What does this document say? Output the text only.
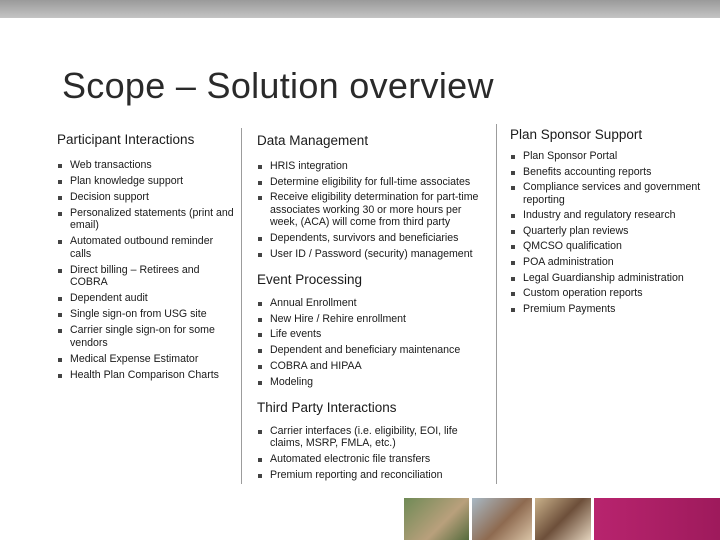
Scope – Solution overview
Participant Interactions
Web transactions
Plan knowledge support
Decision support
Personalized statements (print and email)
Automated outbound reminder calls
Direct billing – Retirees and COBRA
Dependent audit
Single sign-on from USG site
Carrier single sign-on for some vendors
Medical Expense Estimator
Health Plan Comparison Charts
Data Management
HRIS integration
Determine eligibility for full-time associates
Receive eligibility determination for part-time associates working 30 or more hours per week, (ACA) will come from third party
Dependents, survivors and beneficiaries
User ID / Password (security) management
Event Processing
Annual Enrollment
New Hire / Rehire enrollment
Life events
Dependent and beneficiary maintenance
COBRA and HIPAA
Modeling
Third Party Interactions
Carrier interfaces (i.e. eligibility, EOI, life claims, MSRP, FMLA, etc.)
Automated electronic file transfers
Premium reporting and reconciliation
Plan Sponsor Support
Plan Sponsor Portal
Benefits accounting reports
Compliance services and government reporting
Industry and regulatory research
Quarterly plan reviews
QMCSO qualification
POA administration
Legal Guardianship administration
Custom operation reports
Premium Payments
